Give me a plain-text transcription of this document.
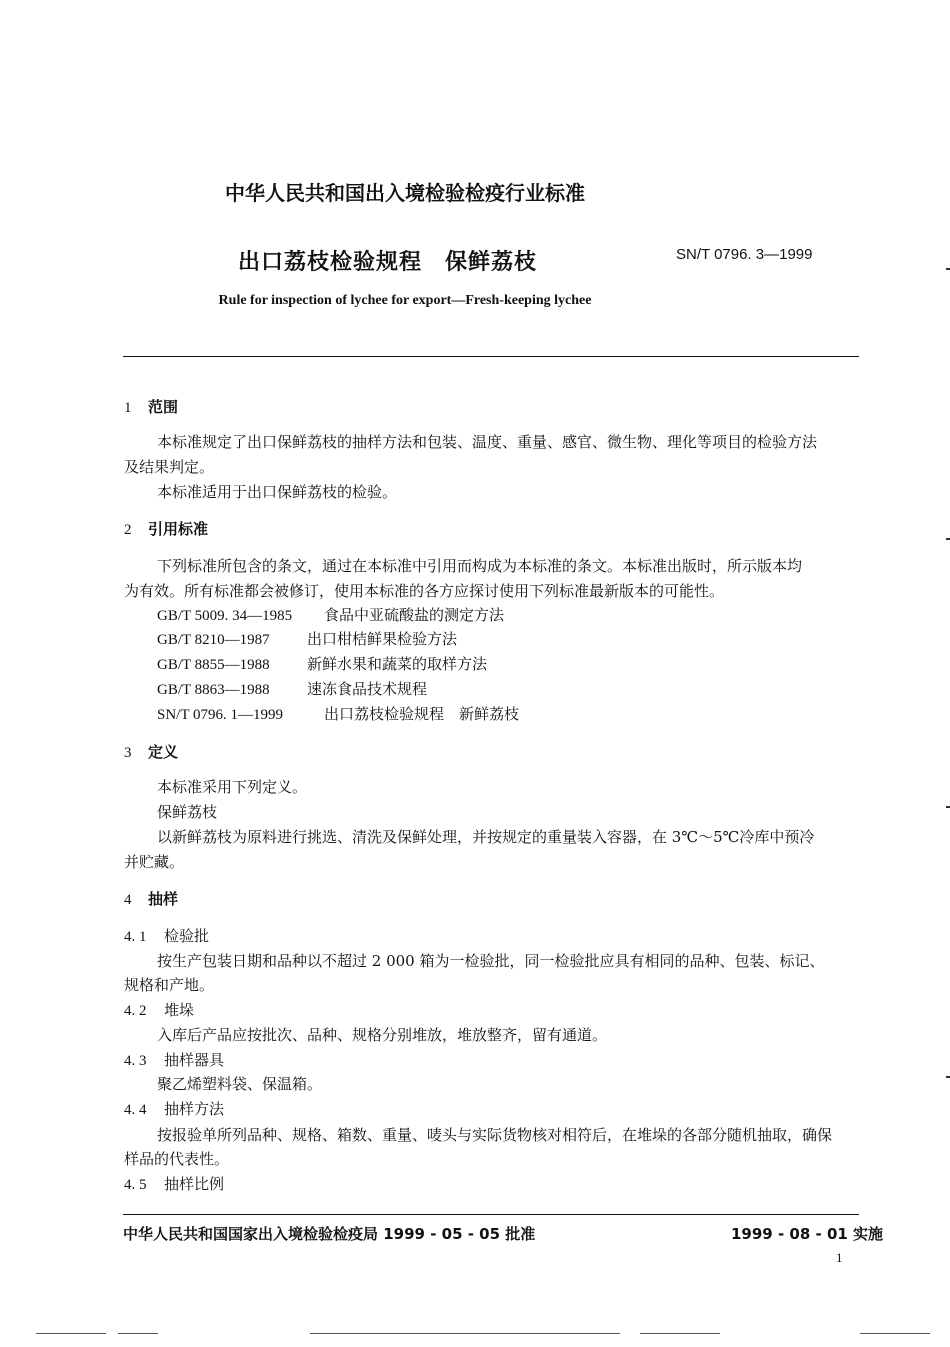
中华人民共和国出入境检验检疫行业标准
出口荔枝检验规程　保鲜荔枝	SN/T 0796. 3—1999
Rule for inspection of lychee for export—Fresh-keeping lychee
1 范围
本标准规定了出口保鲜荔枝的抽样方法和包装、温度、重量、感官、微生物、理化等项目的检验方法
及结果判定。
本标准适用于出口保鲜荔枝的检验。
2 引用标准
下列标准所包含的条文，通过在本标准中引用而构成为本标准的条文。本标准出版时，所示版本均
为有效。所有标准都会被修订，使用本标准的各方应探讨使用下列标准最新版本的可能性。
GB/T 5009. 34—1985 食品中亚硫酸盐的测定方法
GB/T 8210—1987 出口柑桔鲜果检验方法
GB/T 8855—1988 新鲜水果和蔬菜的取样方法
GB/T 8863—1988 速冻食品技术规程
SN/T 0796. 1—1999	出口荔枝检验规程　新鲜荔枝
3 定义
本标准采用下列定义。
保鲜荔枝
以新鲜荔枝为原料进行挑选、清洗及保鲜处理，并按规定的重量装入容器，在 3℃～5℃冷库中预冷
并贮藏。
4 抽样
4. 1 检验批
按生产包装日期和品种以不超过 2 000 箱为一检验批，同一检验批应具有相同的品种、包装、标记、
规格和产地。
4. 2 堆垛
入库后产品应按批次、品种、规格分别堆放，堆放整齐，留有通道。
4. 3 抽样器具
聚乙烯塑料袋、保温箱。
4. 4 抽样方法
按报验单所列品种、规格、箱数、重量、唛头与实际货物核对相符后，在堆垛的各部分随机抽取，确保
样品的代表性。
4. 5 抽样比例
中华人民共和国国家出入境检验检疫局 1999 - 05 - 05 批准	1999 - 08 - 01 实施
1
